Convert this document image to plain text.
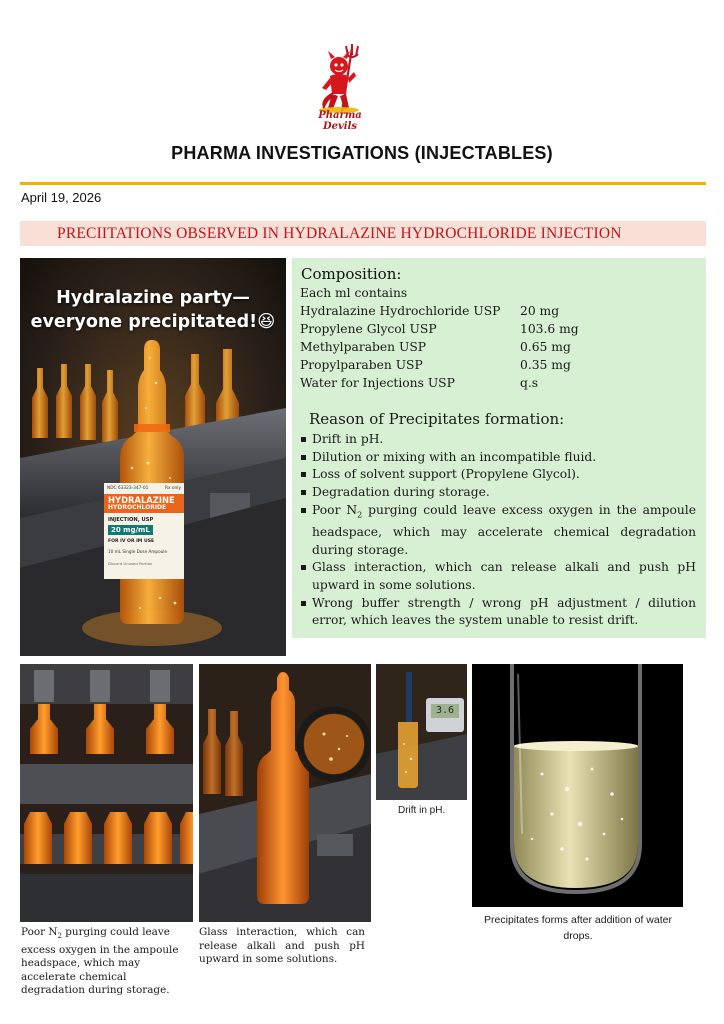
Pharma Devils
PHARMA INVESTIGATIONS (INJECTABLES)
April 19, 2026
PRECIITATIONS OBSERVED IN HYDRALAZINE HYDROCHLORIDE INJECTION
Hydralazine party—
everyone precipitated!😆
NDC 63323-347-01	Rx only
HYDRALAZINE
HYDROCHLORIDE
INJECTION, USP
20 mg/mL
FOR IV OR IM USE
10 mL Single Dose Ampoule
Discard Unused Portion
Composition:
Each ml contains
Hydralazine Hydrochloride USP 20 mg
Propylene Glycol USP	103.6 mg
Methylparaben USP	0.65 mg
Propylparaben USP	0.35 mg
Water for Injections USP	q.s
Reason of Precipitates formation:
Drift in pH.
Dilution or mixing with an incompatible fluid.
Loss of solvent support (Propylene Glycol).
Degradation during storage.
Poor $N_2$ purging could leave excess oxygen in the ampoule headspace, which may accelerate chemical degradation during storage.
Glass interaction, which can release alkali and push pH upward in some solutions.
Wrong buffer strength / wrong pH adjustment / dilution error, which leaves the system unable to resist drift.
Poor $N_2$ purging could leave excess oxygen in the ampoule headspace, which may accelerate chemical degradation during storage.
Glass interaction, which can release alkali and push pH upward in some solutions.
3.6
Drift in pH.
Precipitates forms after addition of water drops.
